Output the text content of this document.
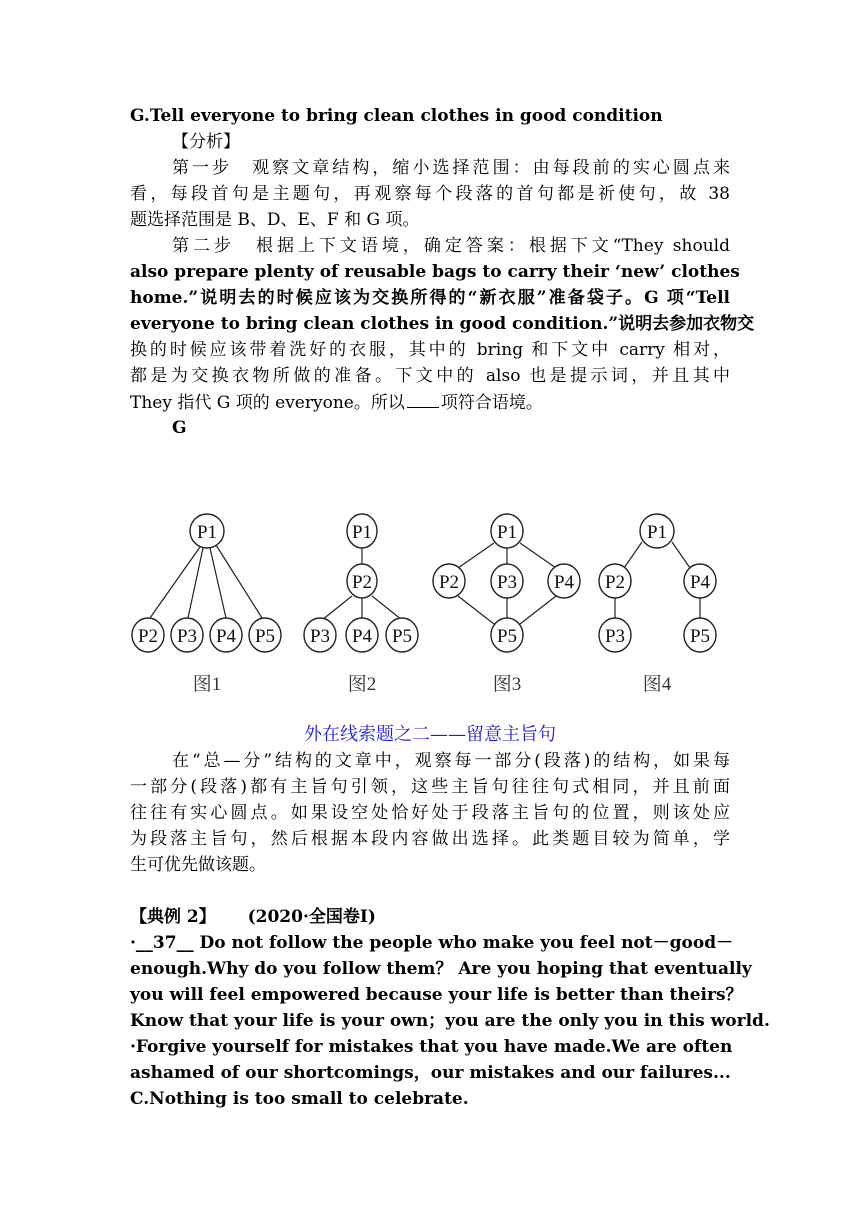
G.Tell everyone to bring clean clothes in good condition
【分析】
第一步　观察文章结构，缩小选择范围：由每段前的实心圆点来
看，每段首句是主题句，再观察每个段落的首句都是祈使句，故 38
题选择范围是 B、D、E、F 和 G 项。
第二步　根据上下文语境，确定答案：根据下文“They should
also prepare plenty of reusable bags to carry their ‘new’ clothes
home.”说明去的时候应该为交换所得的“新衣服”准备袋子。G 项“Tell
everyone to bring clean clothes in good condition.”说明去参加衣物交
换的时候应该带着洗好的衣服，其中的 bring 和下文中 carry 相对，
都是为交换衣物所做的准备。下文中的 also 也是提示词，并且其中
They 指代 G 项的 everyone。所以 项符合语境。
G
P1
P2 P3 P4 P5
P1
P2
P3 P4 P5
P1
P2 P3 P4
P5
P1
P2	P4
P3	P5
图1	图2	图3	图4
外在线索题之二——留意主旨句
在“总—分”结构的文章中，观察每一部分(段落)的结构，如果每
一部分(段落)都有主旨句引领，这些主旨句往往句式相同，并且前面
往往有实心圆点。如果设空处恰好处于段落主旨句的位置，则该处应
为段落主旨句，然后根据本段内容做出选择。此类题目较为简单，学
生可优先做该题。
【典例 2】 (2020·全国卷I)
·__37__ Do not follow the people who make you feel not－good－
enough.Why do you follow them？ Are you hoping that eventually
you will feel empowered because your life is better than theirs？
Know that your life is your own；you are the only you in this world.
·Forgive yourself for mistakes that you have made.We are often
ashamed of our shortcomings，our mistakes and our failures...
C.Nothing is too small to celebrate.
